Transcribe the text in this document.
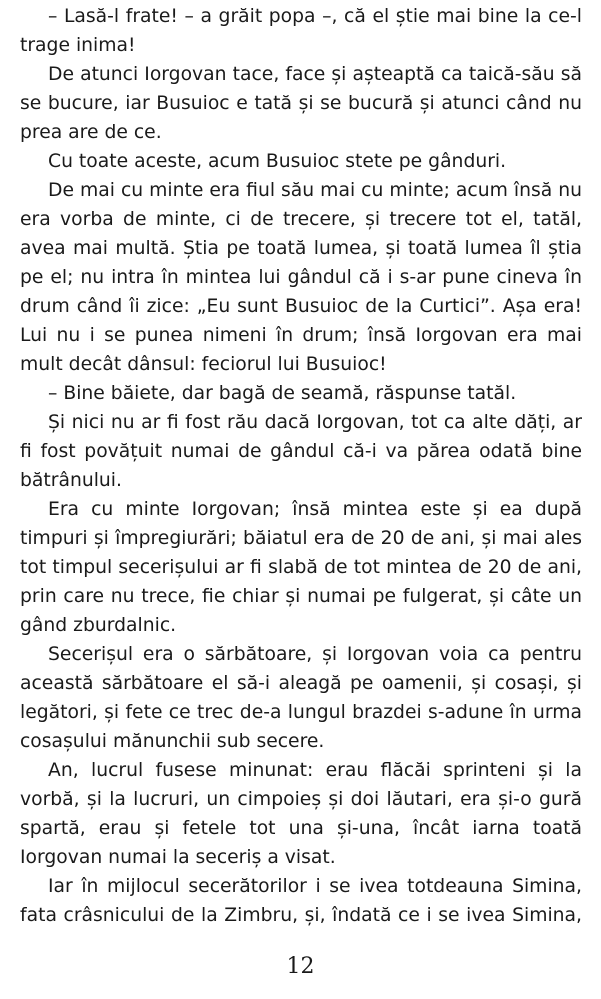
– Lasă-l frate! – a grăit popa –, că el știe mai bine la ce-l trage inima!

De atunci Iorgovan tace, face și așteaptă ca taică-său să se bucure, iar Busuioc e tată și se bucură și atunci când nu prea are de ce.

Cu toate aceste, acum Busuioc stete pe gânduri.

De mai cu minte era fiul său mai cu minte; acum însă nu era vorba de minte, ci de trecere, și trecere tot el, tatăl, avea mai multă. Știa pe toată lumea, și toată lumea îl știa pe el; nu intra în mintea lui gândul că i s-ar pune cineva în drum când îi zice: „Eu sunt Busuioc de la Curtici”. Așa era! Lui nu i se punea nimeni în drum; însă Iorgovan era mai mult decât dânsul: feciorul lui Busuioc!

– Bine băiete, dar bagă de seamă, răspunse tatăl.

Și nici nu ar fi fost rău dacă Iorgovan, tot ca alte dăți, ar fi fost povățuit numai de gândul că-i va părea odată bine bătrânului.

Era cu minte Iorgovan; însă mintea este și ea după timpuri și împregiurări; băiatul era de 20 de ani, și mai ales tot timpul secerișului ar fi slabă de tot mintea de 20 de ani, prin care nu trece, fie chiar și numai pe fulgerat, și câte un gând zburdalnic.

Secerișul era o sărbătoare, și Iorgovan voia ca pentru această sărbătoare el să-i aleagă pe oamenii, și cosași, și legători, și fete ce trec de-a lungul brazdei s-adune în urma cosașului mănunchii sub secere.

An, lucrul fusese minunat: erau flăcăi sprinteni și la vorbă, și la lucruri, un cimpoieș și doi lăutari, era și-o gură spartă, erau și fetele tot una și-una, încât iarna toată Iorgovan numai la seceriș a visat.

Iar în mijlocul secerătorilor i se ivea totdeauna Simina, fata crâsnicului de la Zimbru, și, îndată ce i se ivea Simina,

12
